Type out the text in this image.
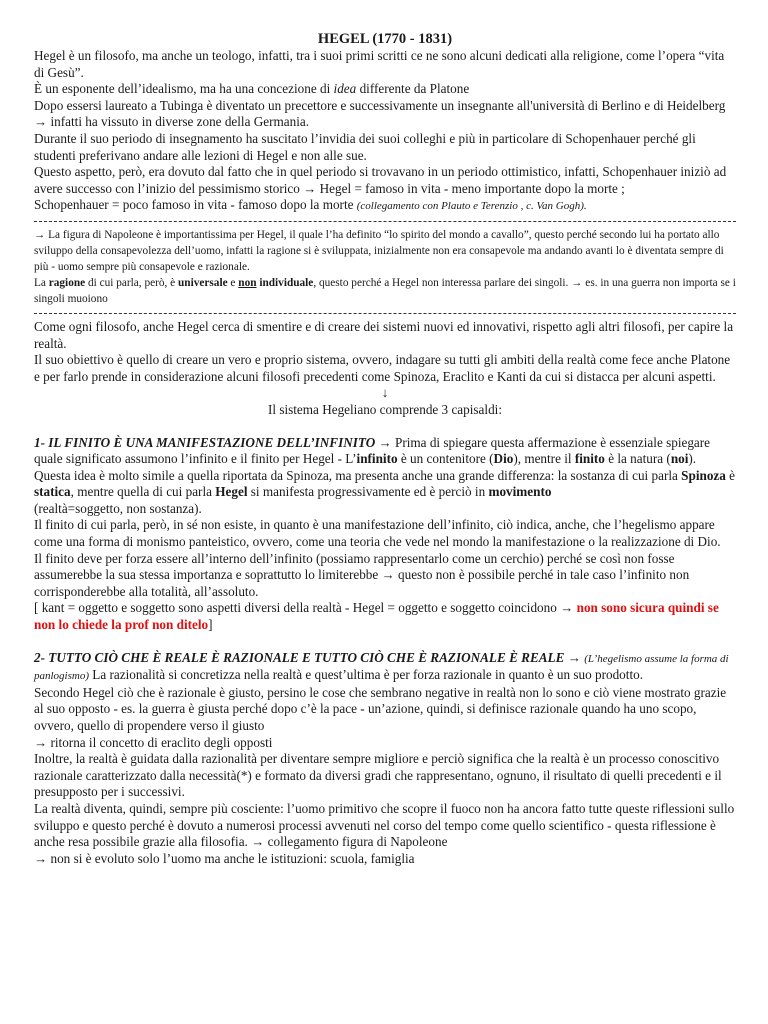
HEGEL (1770 - 1831)

Hegel è un filosofo, ma anche un teologo, infatti, tra i suoi primi scritti ce ne sono alcuni dedicati alla religione, come l’opera “vita di Gesù”.

È un esponente dell’idealismo, ma ha una concezione di idea differente da Platone

Dopo essersi laureato a Tubinga è diventato un precettore e successivamente un insegnante all'università di Berlino e di Heidelberg → infatti ha vissuto in diverse zone della Germania.

Durante il suo periodo di insegnamento ha suscitato l’invidia dei suoi colleghi e più in particolare di Schopenhauer perché gli studenti preferivano andare alle lezioni di Hegel e non alle sue.

Questo aspetto, però, era dovuto dal fatto che in quel periodo si trovavano in un periodo ottimistico, infatti, Schopenhauer iniziò ad avere successo con l’inizio del pessimismo storico → Hegel = famoso in vita - meno importante dopo la morte ;

Schopenhauer = poco famoso in vita - famoso dopo la morte (collegamento con Plauto e Terenzio , c. Van Gogh).

→ La figura di Napoleone è importantissima per Hegel, il quale l’ha definito “lo spirito del mondo a cavallo”, questo perché secondo lui ha portato allo sviluppo della consapevolezza dell’uomo, infatti la ragione si è sviluppata, inizialmente non era consapevole ma andando avanti lo è diventata sempre di più - uomo sempre più consapevole e razionale.

La ragione di cui parla, però, è universale e non individuale, questo perché a Hegel non interessa parlare dei singoli. → es. in una guerra non importa se i singoli muoiono

Come ogni filosofo, anche Hegel cerca di smentire e di creare dei sistemi nuovi ed innovativi, rispetto agli altri filosofi, per capire la realtà.

Il suo obiettivo è quello di creare un vero e proprio sistema, ovvero, indagare su tutti gli ambiti della realtà come fece anche Platone e per farlo prende in considerazione alcuni filosofi precedenti come Spinoza, Eraclito e Kanti da cui si distacca per alcuni aspetti.

↓

Il sistema Hegeliano comprende 3 capisaldi:

1- IL FINITO È UNA MANIFESTAZIONE DELL’INFINITO → Prima di spiegare questa affermazione è essenziale spiegare quale significato assumono l’infinito e il finito per Hegel - L’infinito è un contenitore (Dio), mentre il finito è la natura (noi).

Questa idea è molto simile a quella riportata da Spinoza, ma presenta anche una grande differenza: la sostanza di cui parla Spinoza è statica, mentre quella di cui parla Hegel si manifesta progressivamente ed è perciò in movimento
(realtà=soggetto, non sostanza).

Il finito di cui parla, però, in sé non esiste, in quanto è una manifestazione dell’infinito, ciò indica, anche, che l’hegelismo appare come una forma di monismo panteistico, ovvero, come una teoria che vede nel mondo la manifestazione o la realizzazione di Dio.

Il finito deve per forza essere all’interno dell’infinito (possiamo rappresentarlo come un cerchio) perché se così non fosse assumerebbe la sua stessa importanza e soprattutto lo limiterebbe → questo non è possibile perché in tale caso l’infinito non corrisponderebbe alla totalità, all’assoluto.

[ kant = oggetto e soggetto sono aspetti diversi della realtà - Hegel = oggetto e soggetto coincidono → non sono sicura quindi se non lo chiede la prof non ditelo]

2- TUTTO CIÒ CHE È REALE È RAZIONALE E TUTTO CIÒ CHE È RAZIONALE È REALE → (L’hegelismo assume la forma di panlogismo) La razionalità si concretizza nella realtà e quest’ultima è per forza razionale in quanto è un suo prodotto.

Secondo Hegel ciò che è razionale è giusto, persino le cose che sembrano negative in realtà non lo sono e ciò viene mostrato grazie al suo opposto - es. la guerra è giusta perché dopo c’è la pace - un’azione, quindi, si definisce razionale quando ha uno scopo, ovvero, quello di propendere verso il giusto

→ ritorna il concetto di eraclito degli opposti

Inoltre, la realtà è guidata dalla razionalità per diventare sempre migliore e perciò significa che la realtà è un processo conoscitivo razionale caratterizzato dalla necessità(*) e formato da diversi gradi che rappresentano, ognuno, il risultato di quelli precedenti e il presupposto per i successivi.

La realtà diventa, quindi, sempre più cosciente: l’uomo primitivo che scopre il fuoco non ha ancora fatto tutte queste riflessioni sullo sviluppo e questo perché è dovuto a numerosi processi avvenuti nel corso del tempo come quello scientifico - questa riflessione è anche resa possibile grazie alla filosofia. → collegamento figura di Napoleone

→ non si è evoluto solo l’uomo ma anche le istituzioni: scuola, famiglia
